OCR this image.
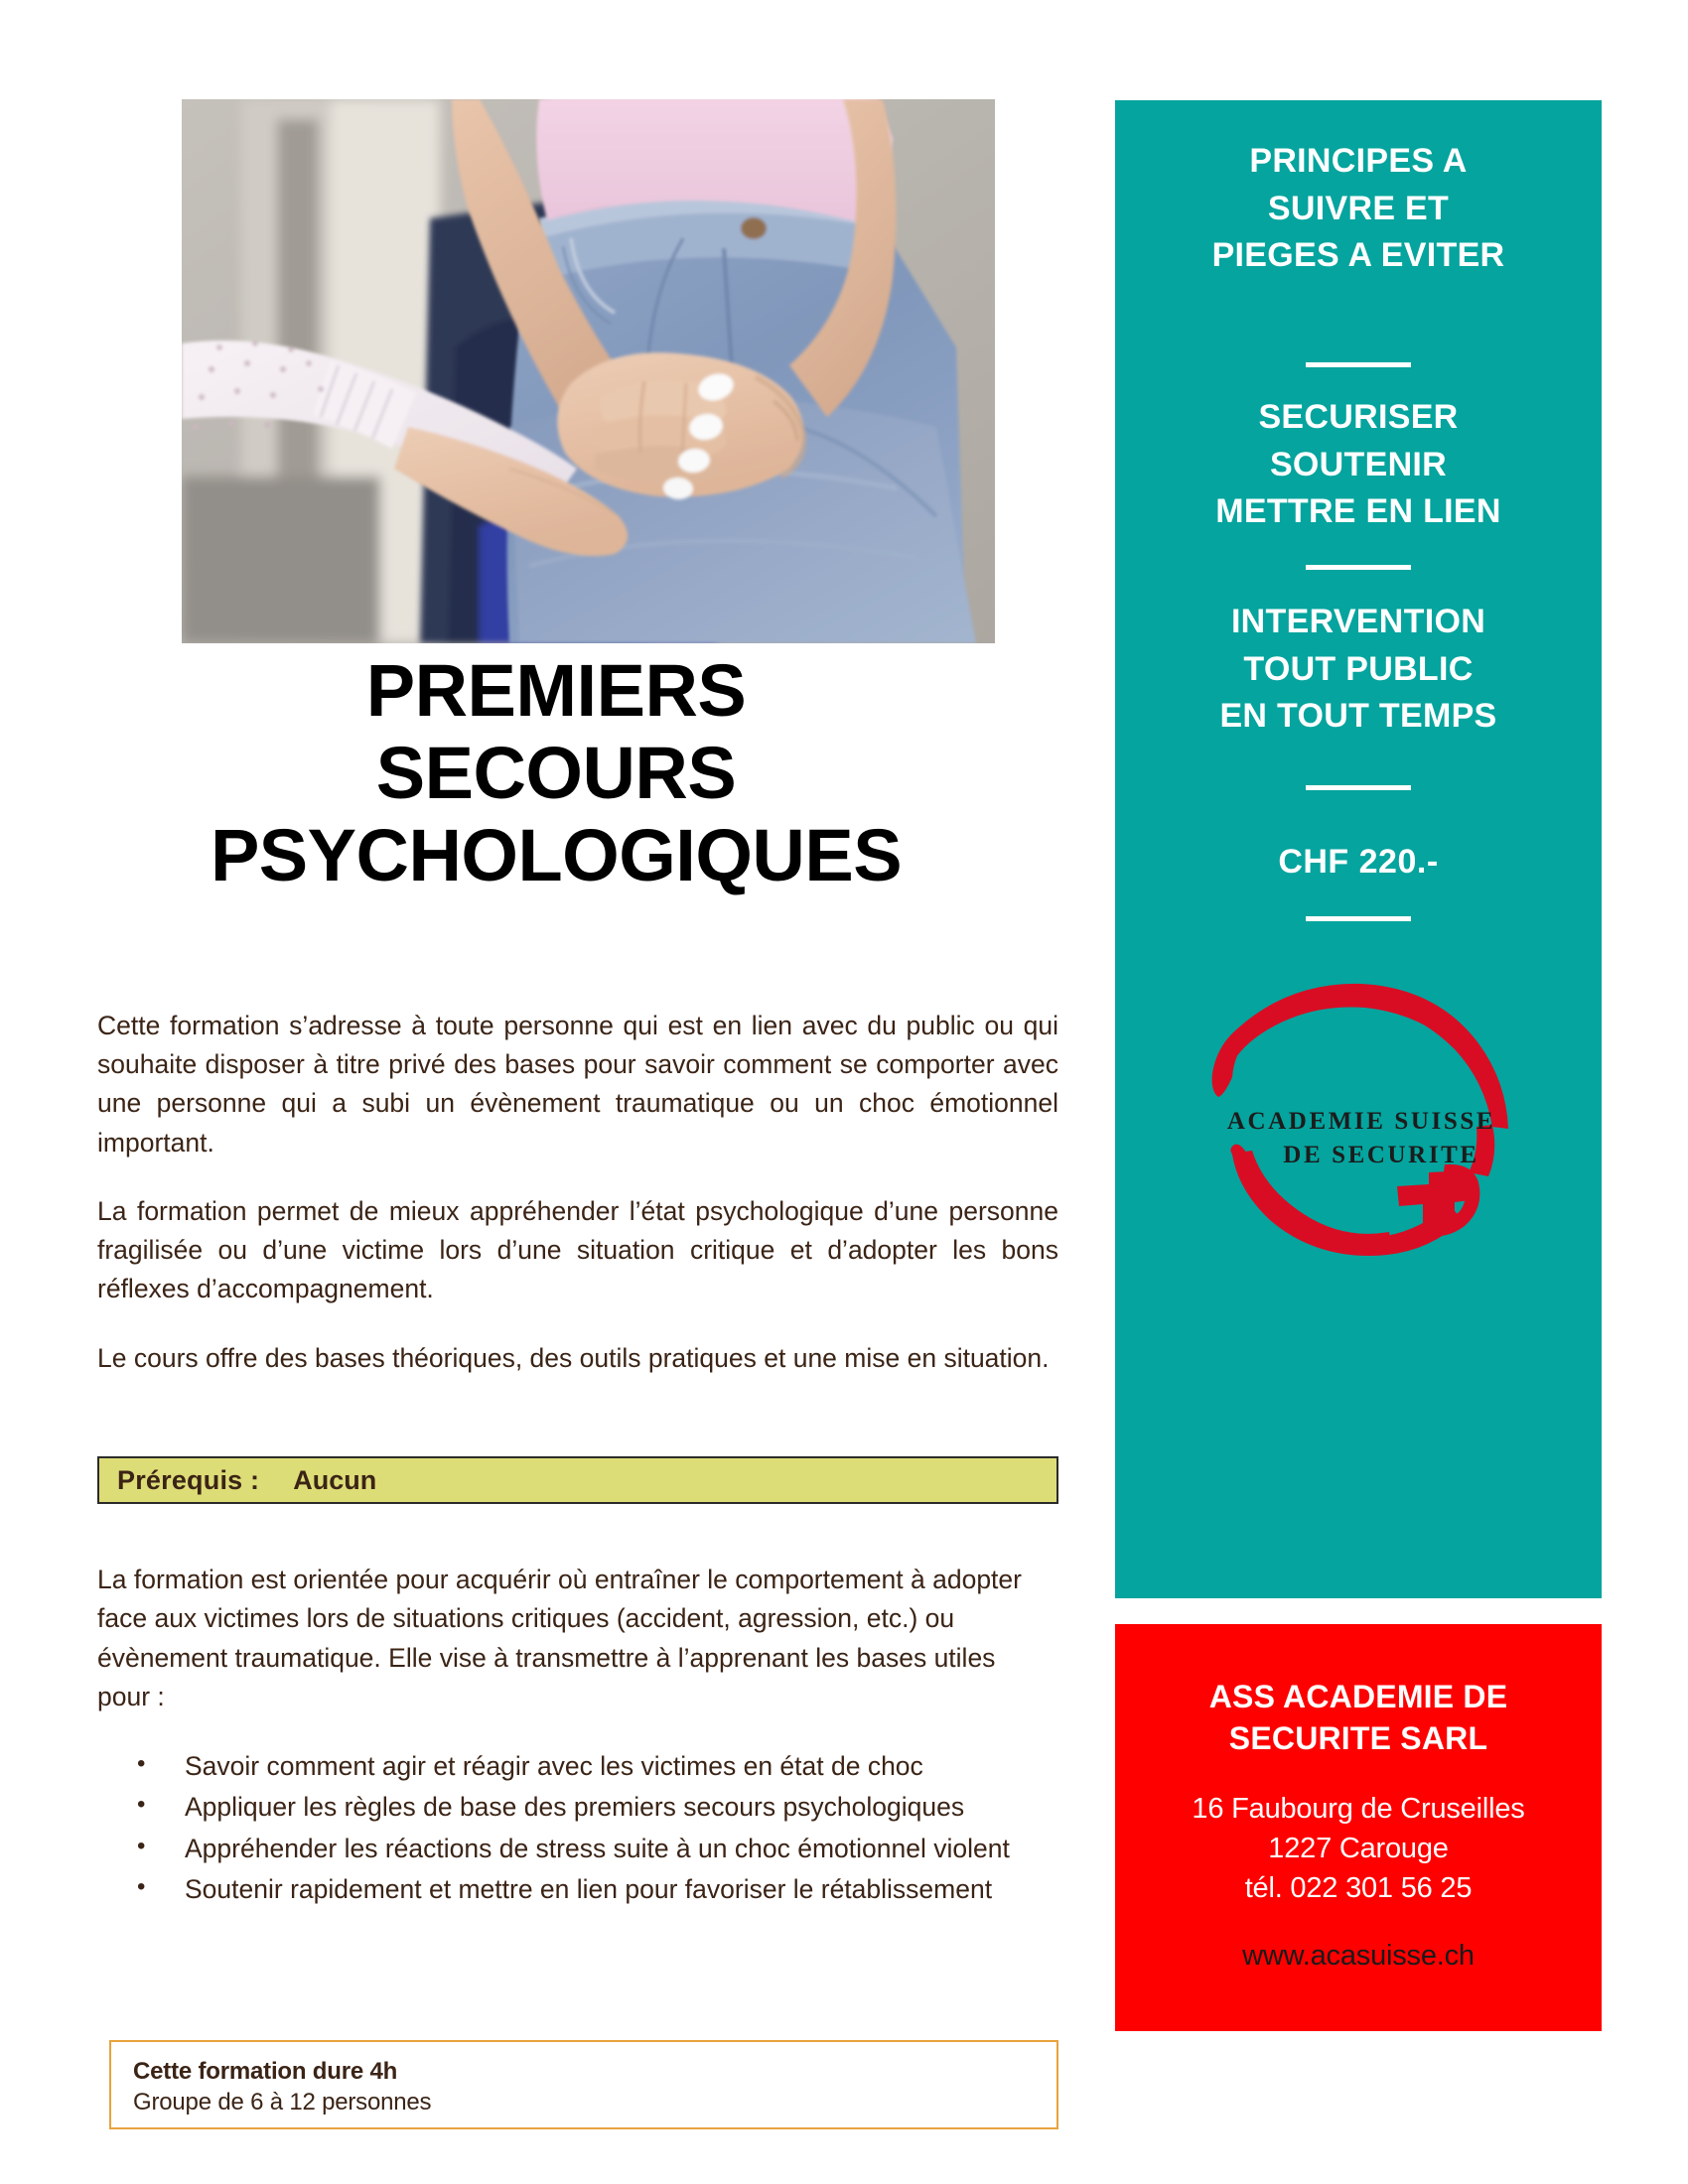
PREMIERS
SECOURS
PSYCHOLOGIQUES

Cette formation s’adresse à toute personne qui est en lien avec du public ou qui souhaite disposer à titre privé des bases pour savoir comment se comporter avec une personne qui a subi un évènement traumatique ou un choc émotionnel important.

La formation permet de mieux appréhender l’état psychologique d’une personne fragilisée ou d’une victime lors d’une situation critique et d’adopter les bons réflexes d’accompagnement.

Le cours offre des bases théoriques, des outils pratiques et une mise en situation.

Prérequis : Aucun
La formation est orientée pour acquérir où entraîner le comportement à adopter face aux victimes lors de situations critiques (accident, agression, etc.) ou évènement traumatique. Elle vise à transmettre à l’apprenant les bases utiles pour :
• Savoir comment agir et réagir avec les victimes en état de choc
• Appliquer les règles de base des premiers secours psychologiques
• Appréhender les réactions de stress suite à un choc émotionnel violent
• Soutenir rapidement et mettre en lien pour favoriser le rétablissement
Cette formation dure 4h
Groupe de 6 à 12 personnes
PRINCIPES A
SUIVRE ET
PIEGES A EVITER
SECURISER
SOUTENIR
METTRE EN LIEN
INTERVENTION
TOUT PUBLIC
EN TOUT TEMPS
CHF 220.-
ACADEMIE SUISSE
DE SECURITE
ASS ACADEMIE DE
SECURITE SARL
16 Faubourg de Cruseilles
1227 Carouge
tél. 022 301 56 25
www.acasuisse.ch
